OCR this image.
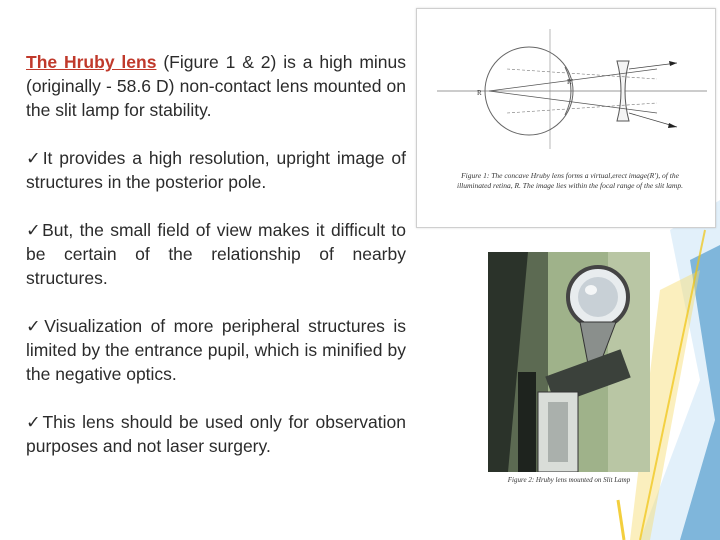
The Hruby lens (Figure 1 & 2) is a high minus (originally - 58.6 D) non-contact lens mounted on the slit lamp for stability.

✓It provides a high resolution, upright image of structures in the posterior pole.

✓But, the small field of view makes it difficult to be certain of the relationship of nearby structures.

✓Visualization of more peripheral structures is limited by the entrance pupil, which is minified by the negative optics.

✓This lens should be used only for observation purposes and not laser surgery.

R
R'
Figure 1: The concave Hruby lens forms a virtual,erect image(R'), of the illuminated retina, R. The image lies within the focal range of the slit lamp.
Figure 2: Hruby lens mounted on Slit Lamp
